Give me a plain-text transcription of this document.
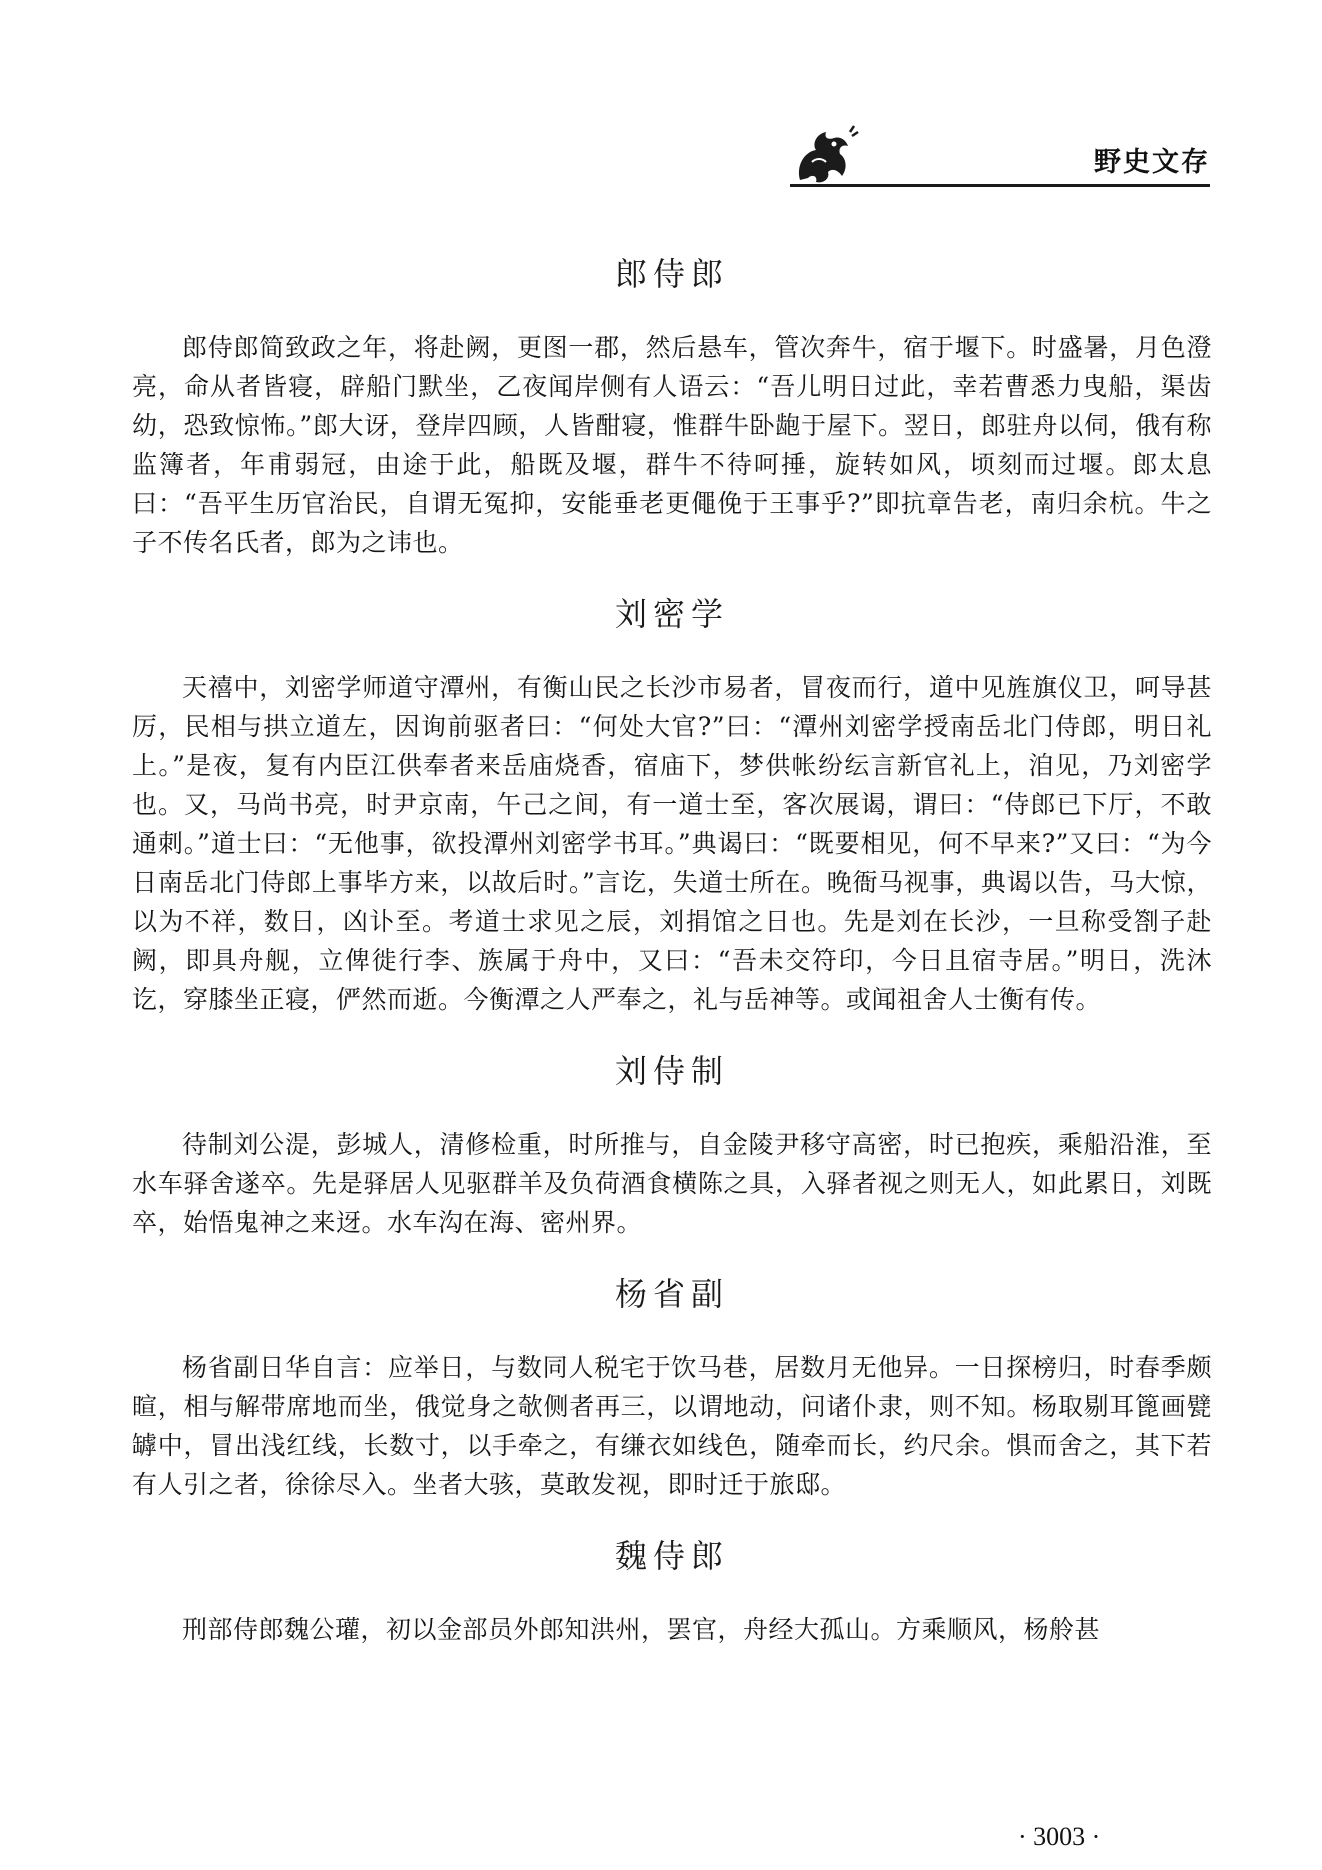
野史文存
郎侍郎

郎侍郎简致政之年，将赴阙，更图一郡，然后悬车，管次奔牛，宿于堰下。时盛暑，月色澄亮，命从者皆寝，辟船门默坐，乙夜闻岸侧有人语云：“吾儿明日过此，幸若曹悉力曳船，渠齿幼，恐致惊怖。”郎大讶，登岸四顾，人皆酣寝，惟群牛卧龅于屋下。翌日，郎驻舟以伺，俄有称监簿者，年甫弱冠，由途于此，船既及堰，群牛不待呵捶，旋转如风，顷刻而过堰。郎太息曰：“吾平生历官治民，自谓无冤抑，安能垂老更僶俛于王事乎?”即抗章告老，南归余杭。牛之子不传名氏者，郎为之讳也。

刘密学

天禧中，刘密学师道守潭州，有衡山民之长沙市易者，冒夜而行，道中见旌旗仪卫，呵导甚厉，民相与拱立道左，因询前驱者曰：“何处大官?”曰：“潭州刘密学授南岳北门侍郎，明日礼上。”是夜，复有内臣江供奉者来岳庙烧香，宿庙下，梦供帐纷纭言新官礼上，洎见，乃刘密学也。又，马尚书亮，时尹京南，午己之间，有一道士至，客次展谒，谓曰：“侍郎已下厅，不敢通刺。”道士曰：“无他事，欲投潭州刘密学书耳。”典谒曰：“既要相见，何不早来?”又曰：“为今日南岳北门侍郎上事毕方来，以故后时。”言讫，失道士所在。晚衙马视事，典谒以告，马大惊，以为不祥，数日，凶讣至。考道士求见之辰，刘捐馆之日也。先是刘在长沙，一旦称受劄子赴阙，即具舟舰，立俾徙行李、族属于舟中，又曰：“吾未交符印，今日且宿寺居。”明日，洗沐讫，穿膝坐正寝，俨然而逝。今衡潭之人严奉之，礼与岳神等。或闻祖舍人士衡有传。

刘侍制

待制刘公湜，彭城人，清修检重，时所推与，自金陵尹移守高密，时已抱疾，乘船沿淮，至水车驿舍遂卒。先是驿居人见驱群羊及负荷酒食横陈之具，入驿者视之则无人，如此累日，刘既卒，始悟鬼神之来迓。水车沟在海、密州界。

杨省副

杨省副日华自言：应举日，与数同人税宅于饮马巷，居数月无他异。一日探榜归，时春季颇暄，相与解带席地而坐，俄觉身之欹侧者再三，以谓地动，问诸仆隶，则不知。杨取剔耳篦画甓罅中，冒出浅红线，长数寸，以手牵之，有缣衣如线色，随牵而长，约尺余。惧而舍之，其下若有人引之者，徐徐尽入。坐者大骇，莫敢发视，即时迁于旅邸。

魏侍郎

刑部侍郎魏公瓘，初以金部员外郎知洪州，罢官，舟经大孤山。方乘顺风，杨舲甚

· 3003 ·
